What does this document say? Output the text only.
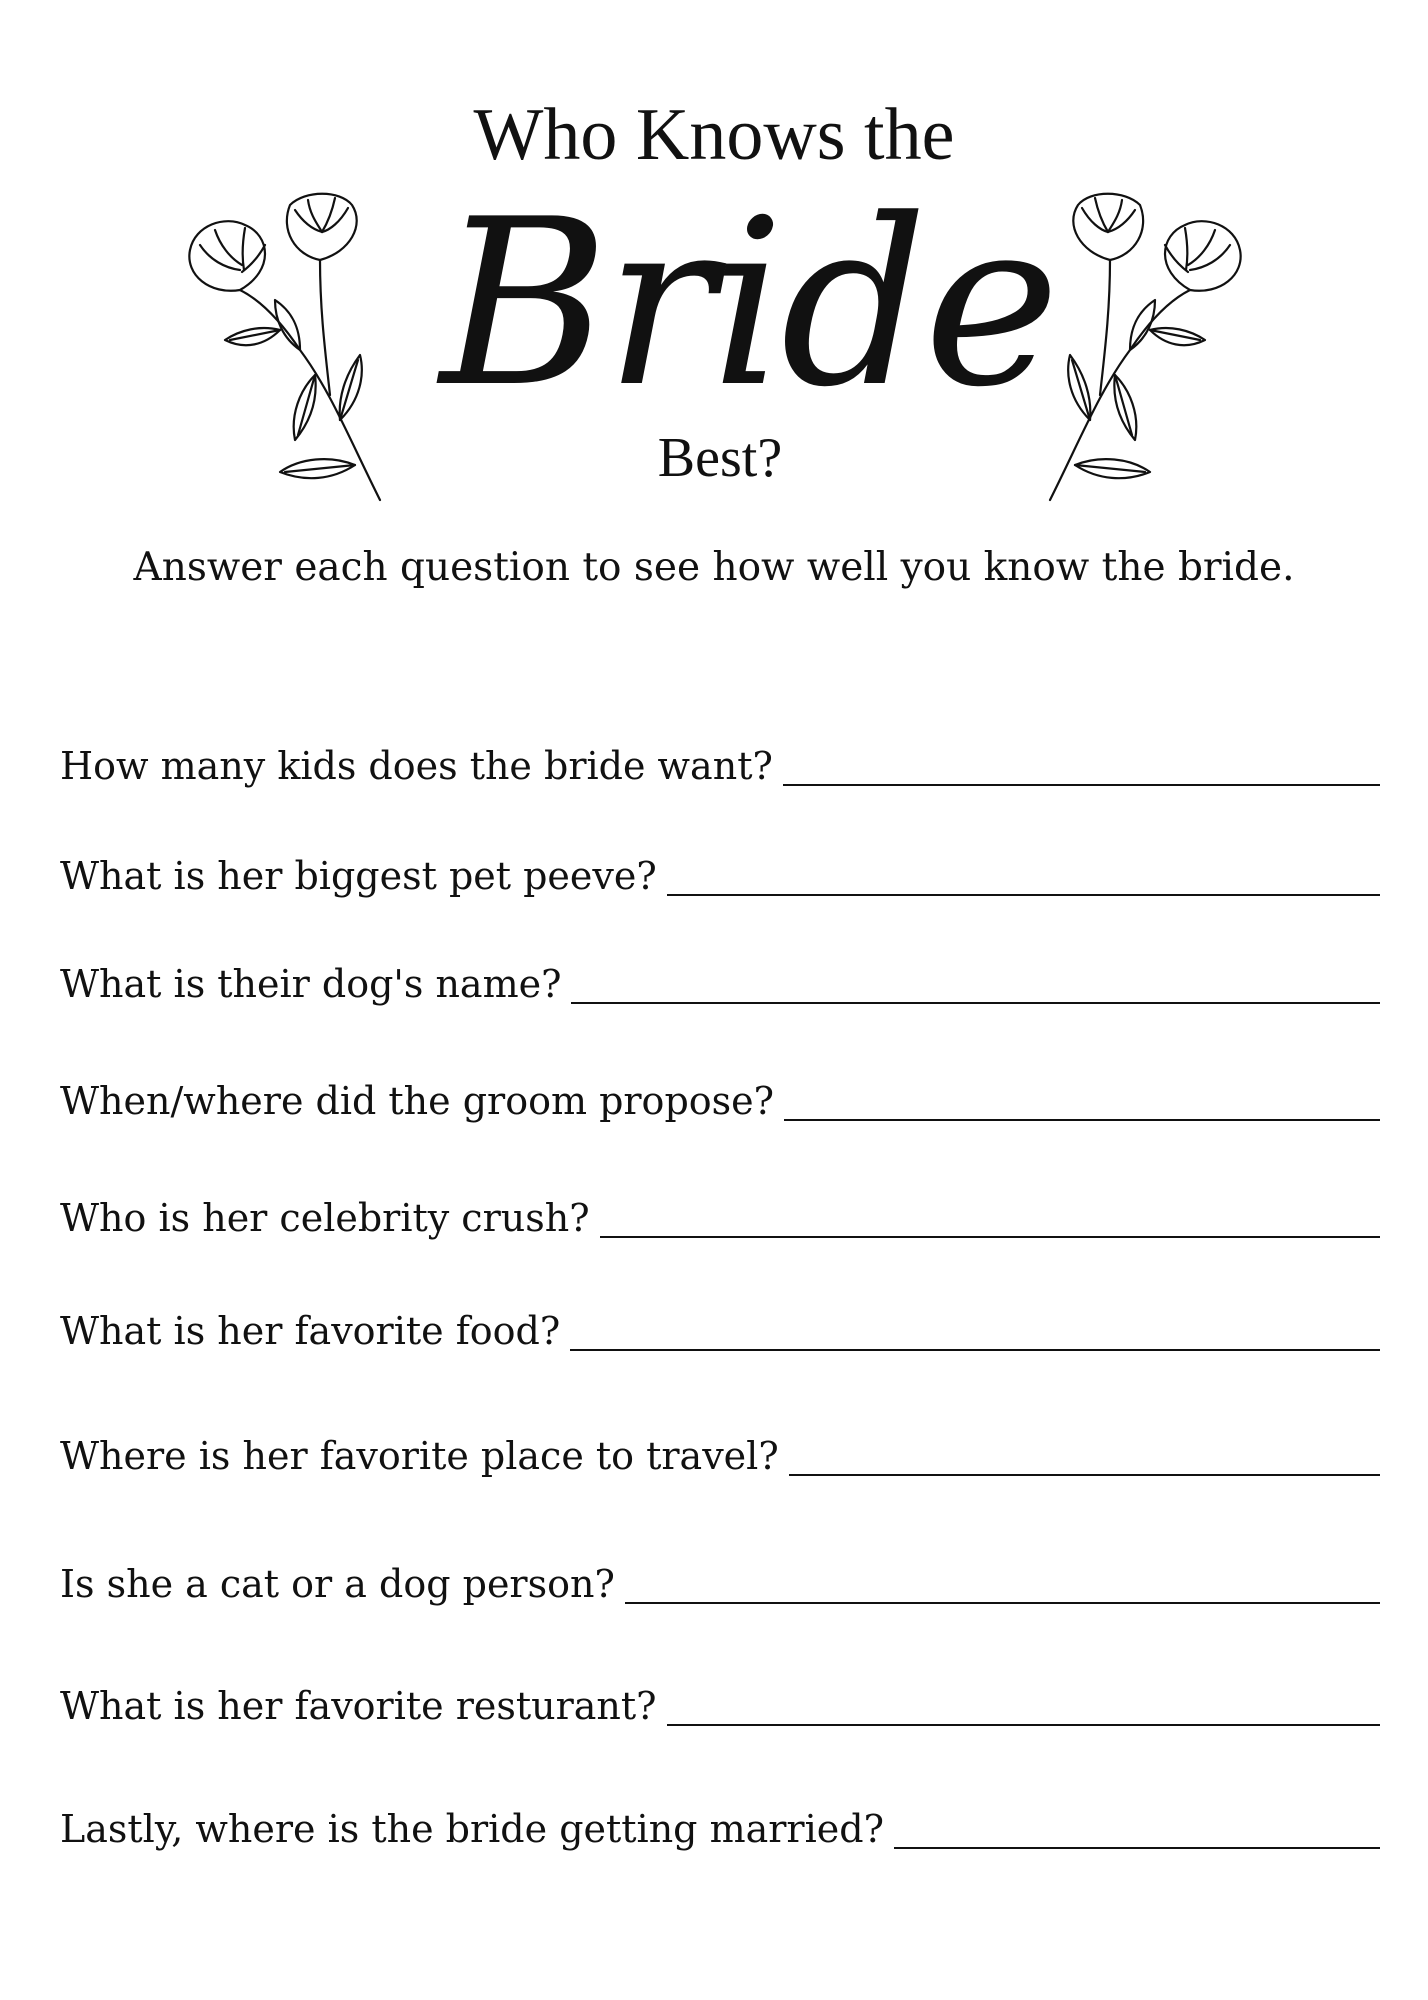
Who Knows the
Bride
Best?
Answer each question to see how well you know the bride.
How many kids does the bride want?
What is her biggest pet peeve?
What is their dog's name?
When/where did the groom propose?
Who is her celebrity crush?
What is her favorite food?
Where is her favorite place to travel?
Is she a cat or a dog person?
What is her favorite resturant?
Lastly, where is the bride getting married?
